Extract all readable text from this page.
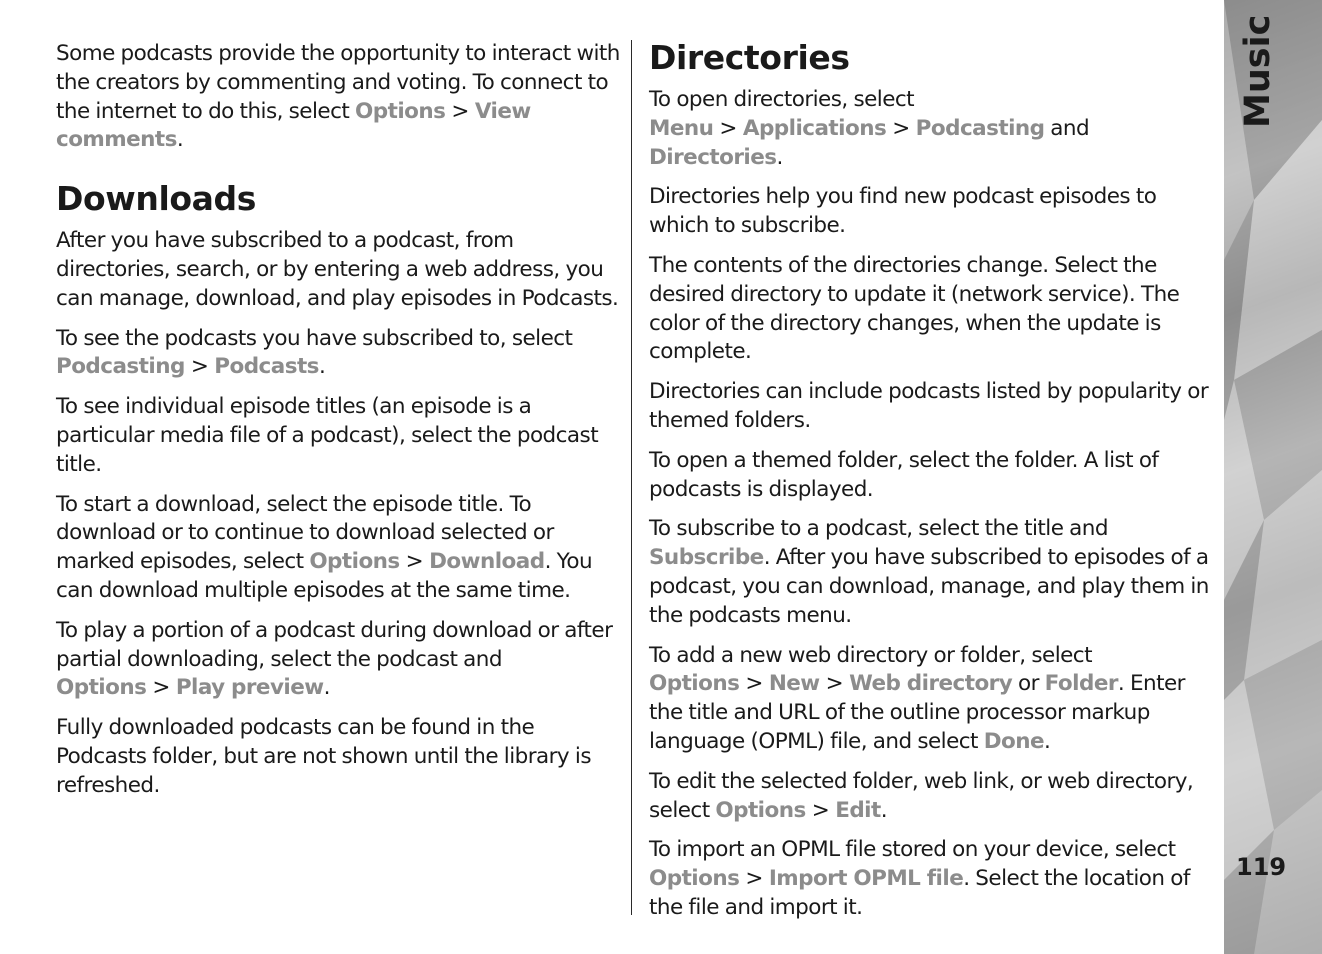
Some podcasts provide the opportunity to interact with the creators by commenting and voting. To connect to the internet to do this, select Options > View comments.

Downloads

After you have subscribed to a podcast, from directories, search, or by entering a web address, you can manage, download, and play episodes in Podcasts.

To see the podcasts you have subscribed to, select Podcasting > Podcasts.

To see individual episode titles (an episode is a particular media file of a podcast), select the podcast title.

To start a download, select the episode title. To download or to continue to download selected or marked episodes, select Options > Download. You can download multiple episodes at the same time.

To play a portion of a podcast during download or after partial downloading, select the podcast and Options > Play preview.

Fully downloaded podcasts can be found in the Podcasts folder, but are not shown until the library is refreshed.

Directories

To open directories, select Menu > Applications > Podcasting and Directories.

Directories help you find new podcast episodes to which to subscribe.

The contents of the directories change. Select the desired directory to update it (network service). The color of the directory changes, when the update is complete.

Directories can include podcasts listed by popularity or themed folders.

To open a themed folder, select the folder. A list of podcasts is displayed.

To subscribe to a podcast, select the title and Subscribe. After you have subscribed to episodes of a podcast, you can download, manage, and play them in the podcasts menu.

To add a new web directory or folder, select Options > New > Web directory or Folder. Enter the title and URL of the outline processor markup language (OPML) file, and select Done.

To edit the selected folder, web link, or web directory, select Options > Edit.

To import an OPML file stored on your device, select Options > Import OPML file. Select the location of the file and import it.

Music
119
